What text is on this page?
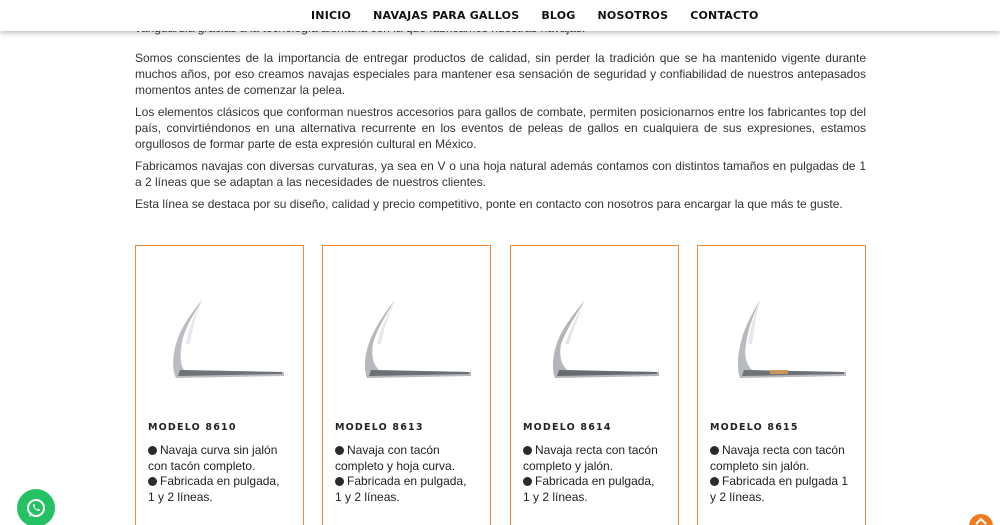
Somos conscientes de la importancia de entregar productos de calidad, sin perder la tradición que se ha mantenido vigente durante muchos años, por eso creamos navajas especiales para mantener esa sensación de seguridad y confiabilidad de nuestros antepasados momentos antes de comenzar la pelea.

Los elementos clásicos que conforman nuestros accesorios para gallos de combate, permiten posicionarnos entre los fabricantes top del país, convirtiéndonos en una alternativa recurrente en los eventos de peleas de gallos en cualquiera de sus expresiones, estamos orgullosos de formar parte de esta expresión cultural en México.

Fabricamos navajas con diversas curvaturas, ya sea en V o una hoja natural además contamos con distintos tamaños en pulgadas de 1 a 2 líneas que se adaptan a las necesidades de nuestros clientes.

Esta línea se destaca por su diseño, calidad y precio competitivo, ponte en contacto con nosotros para encargar la que más te guste.

INICIO NAVAJAS PARA GALLOS BLOG NOSOTROS CONTACTO
MODELO 8610
Navaja curva sin jalón con tacón completo.
Fabricada en pulgada, 1 y 2 líneas.
MODELO 8613
Navaja con tacón completo y hoja curva.
Fabricada en pulgada, 1 y 2 líneas.
MODELO 8614
Navaja recta con tacón completo y jalón.
Fabricada en pulgada, 1 y 2 líneas.
MODELO 8615
Navaja recta con tacón completo sin jalón.
Fabricada en pulgada 1 y 2 líneas.
